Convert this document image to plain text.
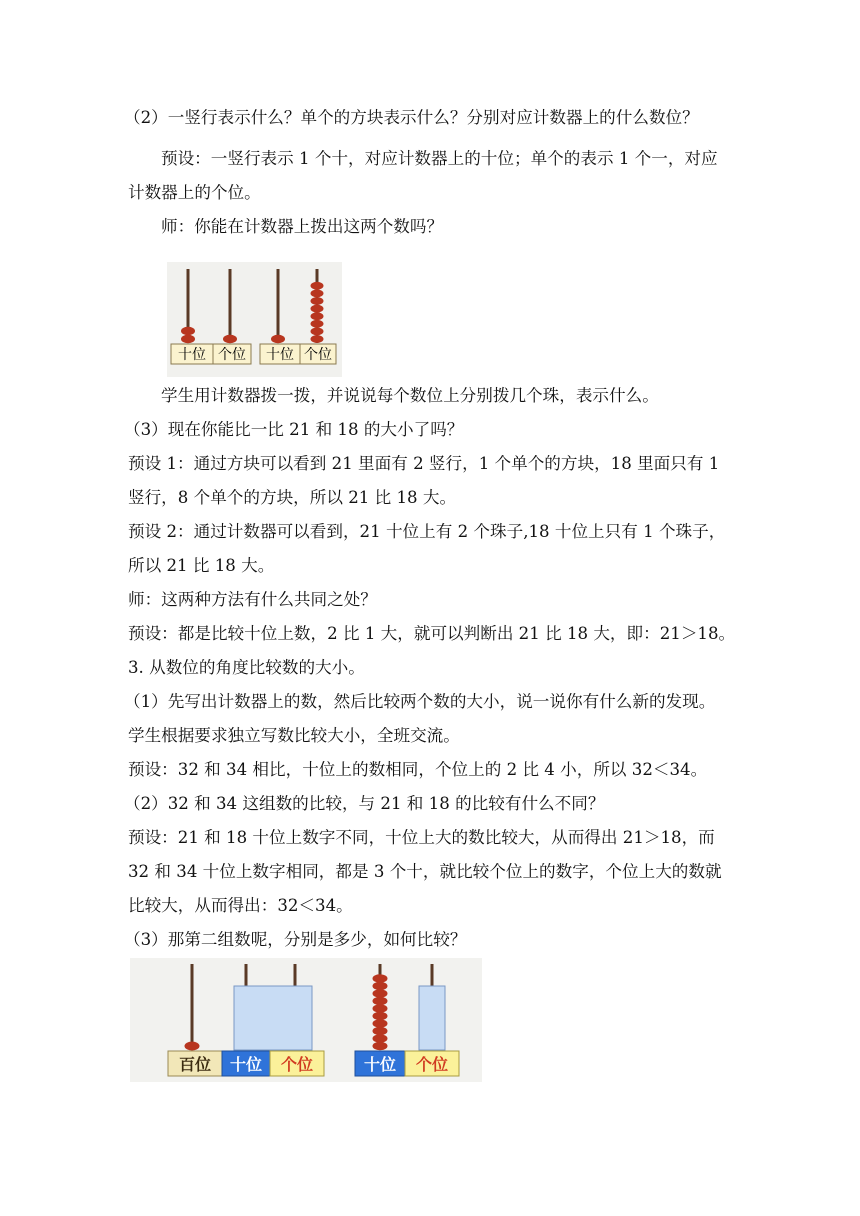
（2）一竖行表示什么？单个的方块表示什么？分别对应计数器上的什么数位？
预设：一竖行表示 1 个十，对应计数器上的十位；单个的表示 1 个一，对应
计数器上的个位。
师：你能在计数器上拨出这两个数吗？
十位 个位 十位 个位
学生用计数器拨一拨，并说说每个数位上分别拨几个珠，表示什么。
（3）现在你能比一比 21 和 18 的大小了吗？
预设 1：通过方块可以看到 21 里面有 2 竖行，1 个单个的方块，18 里面只有 1
竖行，8 个单个的方块，所以 21 比 18 大。
预设 2：通过计数器可以看到，21 十位上有 2 个珠子,18 十位上只有 1 个珠子，
所以 21 比 18 大。
师：这两种方法有什么共同之处？
预设：都是比较十位上数，2 比 1 大，就可以判断出 21 比 18 大，即：21＞18。
3. 从数位的角度比较数的大小。
（1）先写出计数器上的数，然后比较两个数的大小，说一说你有什么新的发现。
学生根据要求独立写数比较大小，全班交流。
预设：32 和 34 相比，十位上的数相同，个位上的 2 比 4 小，所以 32＜34。
（2）32 和 34 这组数的比较，与 21 和 18 的比较有什么不同？
预设：21 和 18 十位上数字不同，十位上大的数比较大，从而得出 21＞18，而
32 和 34 十位上数字相同，都是 3 个十，就比较个位上的数字，个位上大的数就
比较大，从而得出：32＜34。
（3）那第二组数呢，分别是多少，如何比较？
百位 十位 个位	十位 个位
